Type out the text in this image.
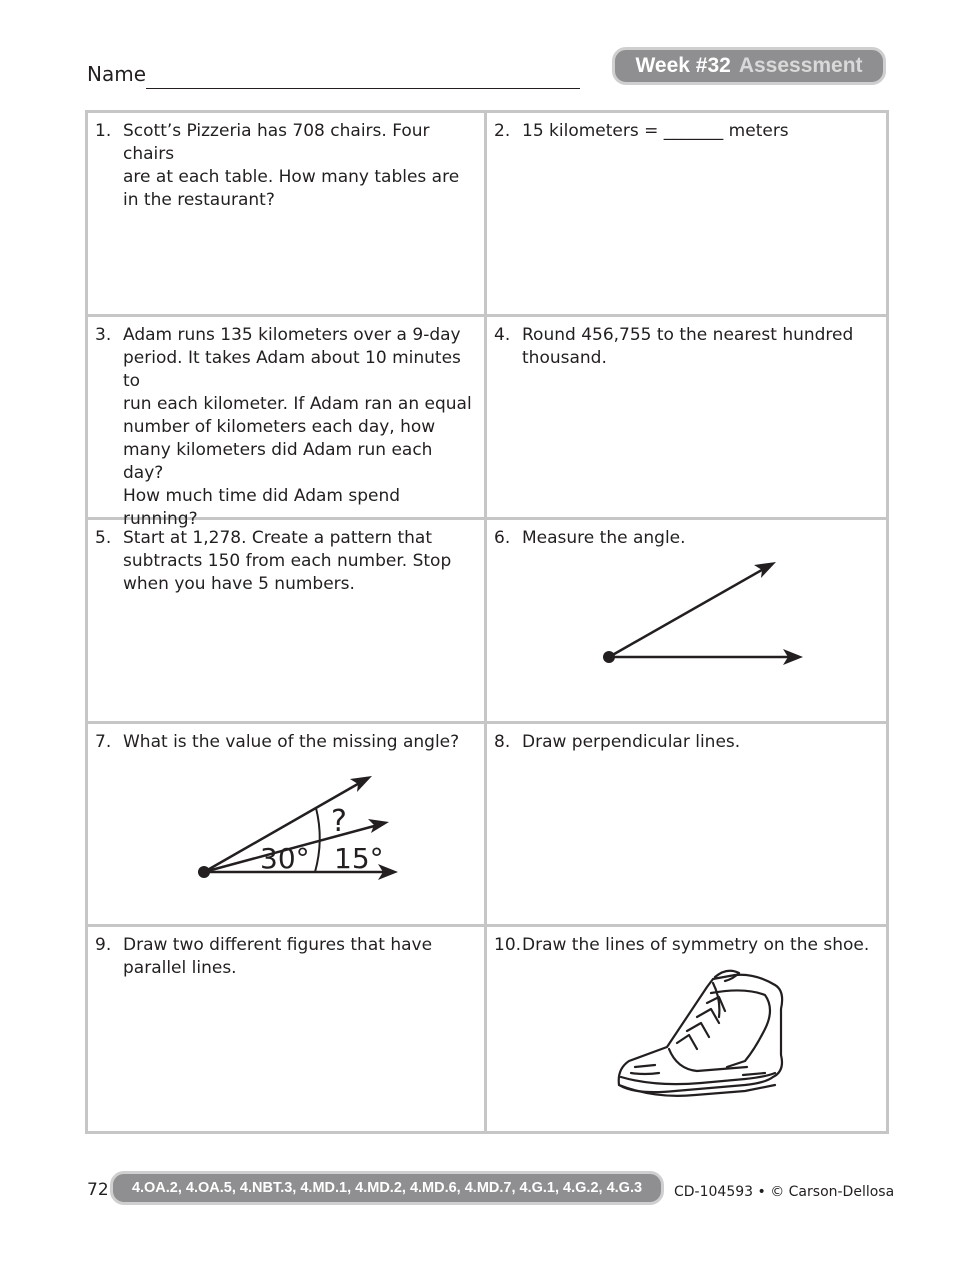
Name	Week #32 Assessment
1. Scott’s Pizzeria has 708 chairs. Four chairs
are at each table. How many tables are
in the restaurant?
2. 15 kilometers = _______ meters
3. Adam runs 135 kilometers over a 9-day
period. It takes Adam about 10 minutes to
run each kilometer. If Adam ran an equal
number of kilometers each day, how
many kilometers did Adam run each day?
How much time did Adam spend running?
4. Round 456,755 to the nearest hundred
thousand.
5. Start at 1,278. Create a pattern that
subtracts 150 from each number. Stop
when you have 5 numbers.
6. Measure the angle.
7. What is the value of the missing angle?
?
30° 15°
8. Draw perpendicular lines.
9. Draw two different figures that have
parallel lines.
10. Draw the lines of symmetry on the shoe.
72	4.OA.2, 4.OA.5, 4.NBT.3, 4.MD.1, 4.MD.2, 4.MD.6, 4.MD.7, 4.G.1, 4.G.2, 4.G.3	CD-104593 • © Carson-Dellosa
